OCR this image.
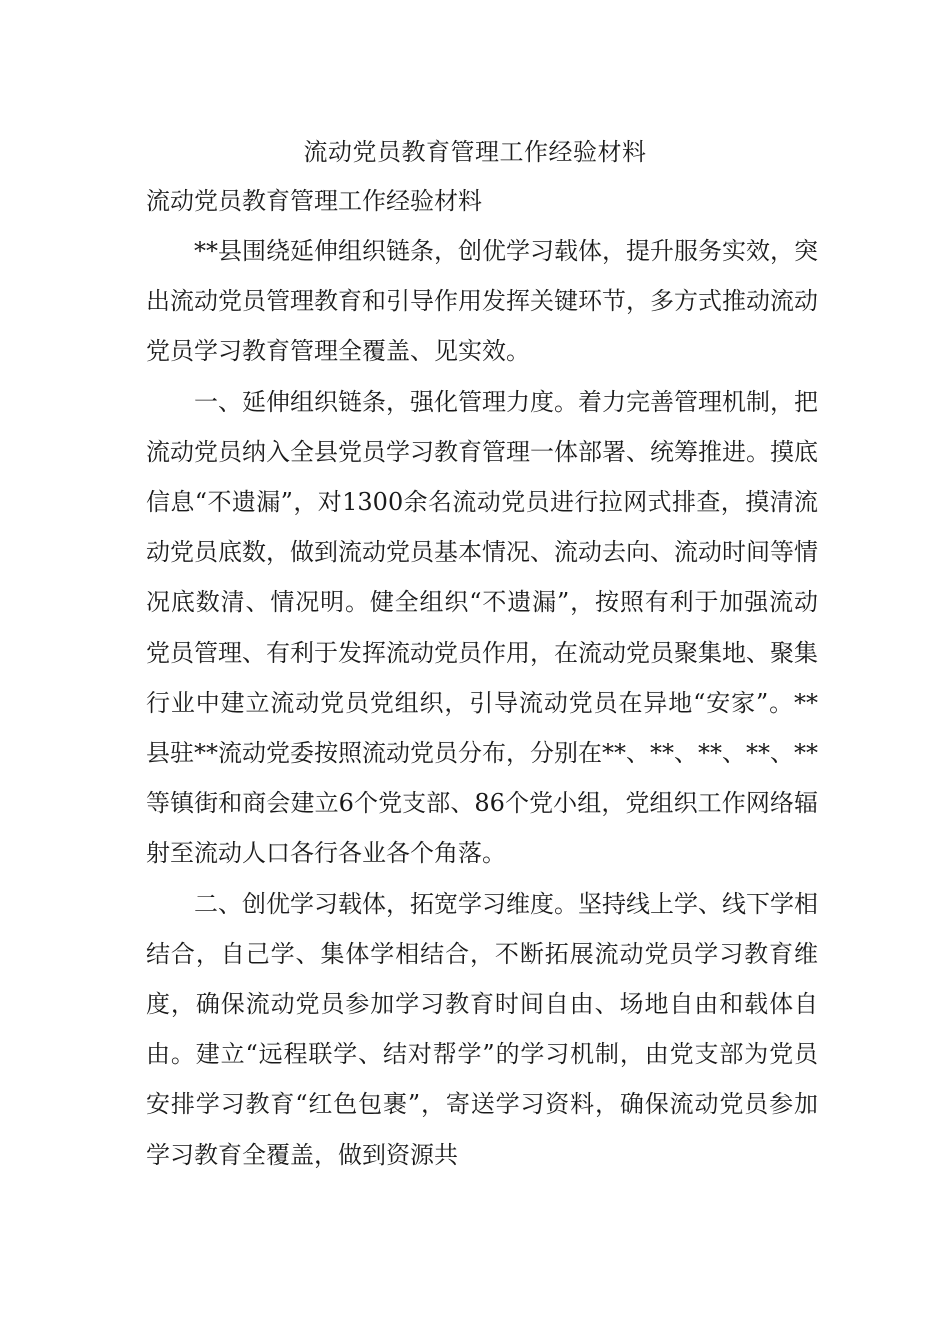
流动党员教育管理工作经验材料

流动党员教育管理工作经验材料

**县围绕延伸组织链条，创优学习载体，提升服务实效，突出流动党员管理教育和引导作用发挥关键环节，多方式推动流动党员学习教育管理全覆盖、见实效。

一、延伸组织链条，强化管理力度。着力完善管理机制，把流动党员纳入全县党员学习教育管理一体部署、统筹推进。摸底信息“不遗漏”，对1300余名流动党员进行拉网式排查，摸清流动党员底数，做到流动党员基本情况、流动去向、流动时间等情况底数清、情况明。健全组织“不遗漏”，按照有利于加强流动党员管理、有利于发挥流动党员作用，在流动党员聚集地、聚集行业中建立流动党员党组织，引导流动党员在异地“安家”。**县驻**流动党委按照流动党员分布，分别在**、**、**、**、**等镇街和商会建立6个党支部、86个党小组，党组织工作网络辐射至流动人口各行各业各个角落。

二、创优学习载体，拓宽学习维度。坚持线上学、线下学相结合，自己学、集体学相结合，不断拓展流动党员学习教育维度，确保流动党员参加学习教育时间自由、场地自由和载体自由。建立“远程联学、结对帮学”的学习机制，由党支部为党员安排学习教育“红色包裹”，寄送学习资料，确保流动党员参加学习教育全覆盖，做到资源共
